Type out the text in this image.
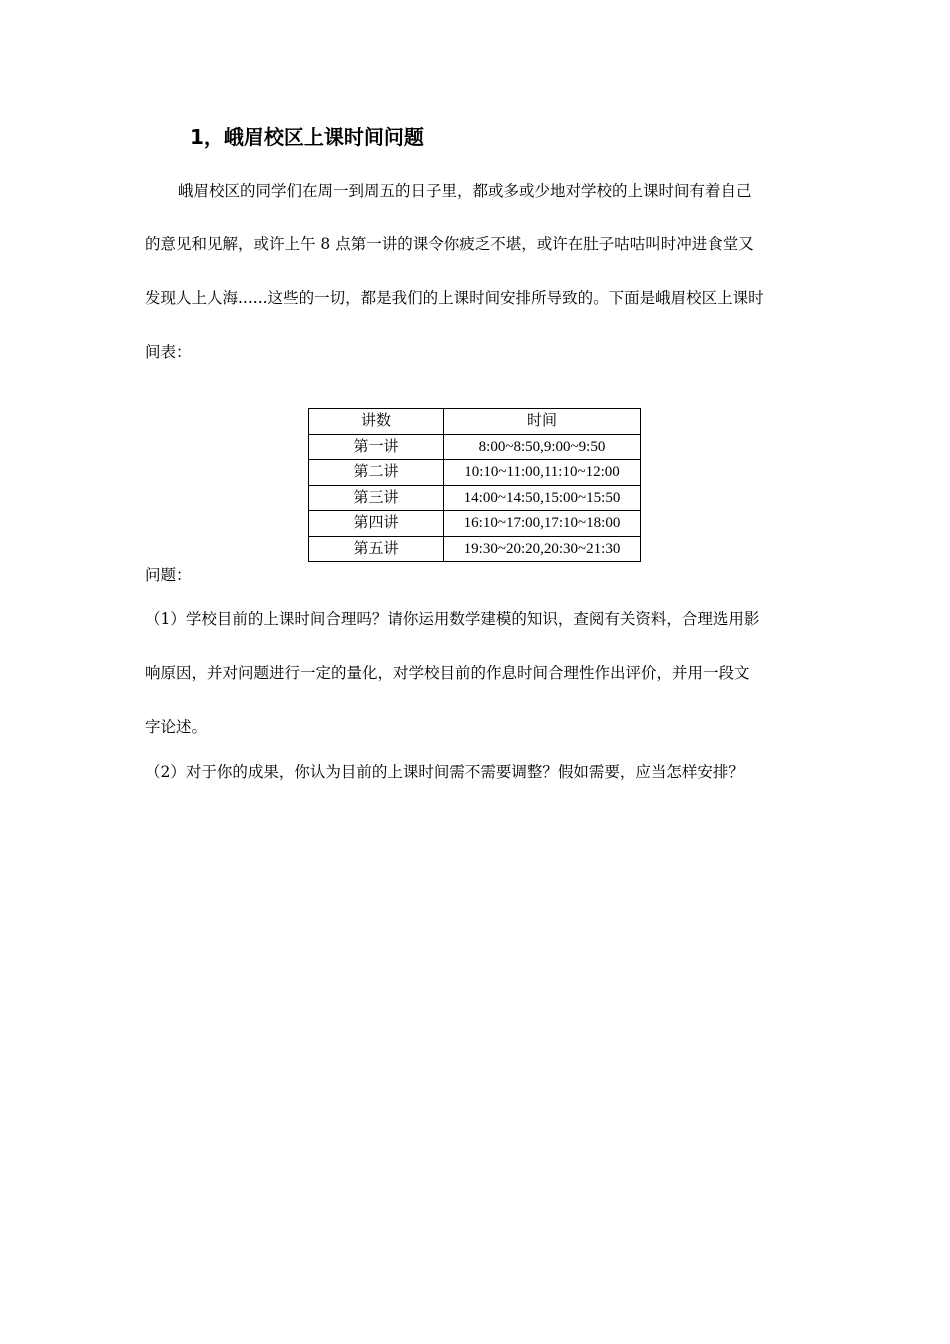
1，峨眉校区上课时间问题
峨眉校区的同学们在周一到周五的日子里，都或多或少地对学校的上课时间有着自己
的意见和见解，或许上午 8 点第一讲的课令你疲乏不堪，或许在肚子咕咕叫时冲进食堂又
发现人上人海......这些的一切，都是我们的上课时间安排所导致的。下面是峨眉校区上课时
间表：
讲数	时间
第一讲	8:00~8:50,9:00~9:50
第二讲	10:10~11:00,11:10~12:00
第三讲	14:00~14:50,15:00~15:50
第四讲	16:10~17:00,17:10~18:00
第五讲	19:30~20:20,20:30~21:30
问题：
（1）学校目前的上课时间合理吗？请你运用数学建模的知识，查阅有关资料，合理选用影
响原因，并对问题进行一定的量化，对学校目前的作息时间合理性作出评价，并用一段文
字论述。
（2）对于你的成果，你认为目前的上课时间需不需要调整？假如需要，应当怎样安排？
